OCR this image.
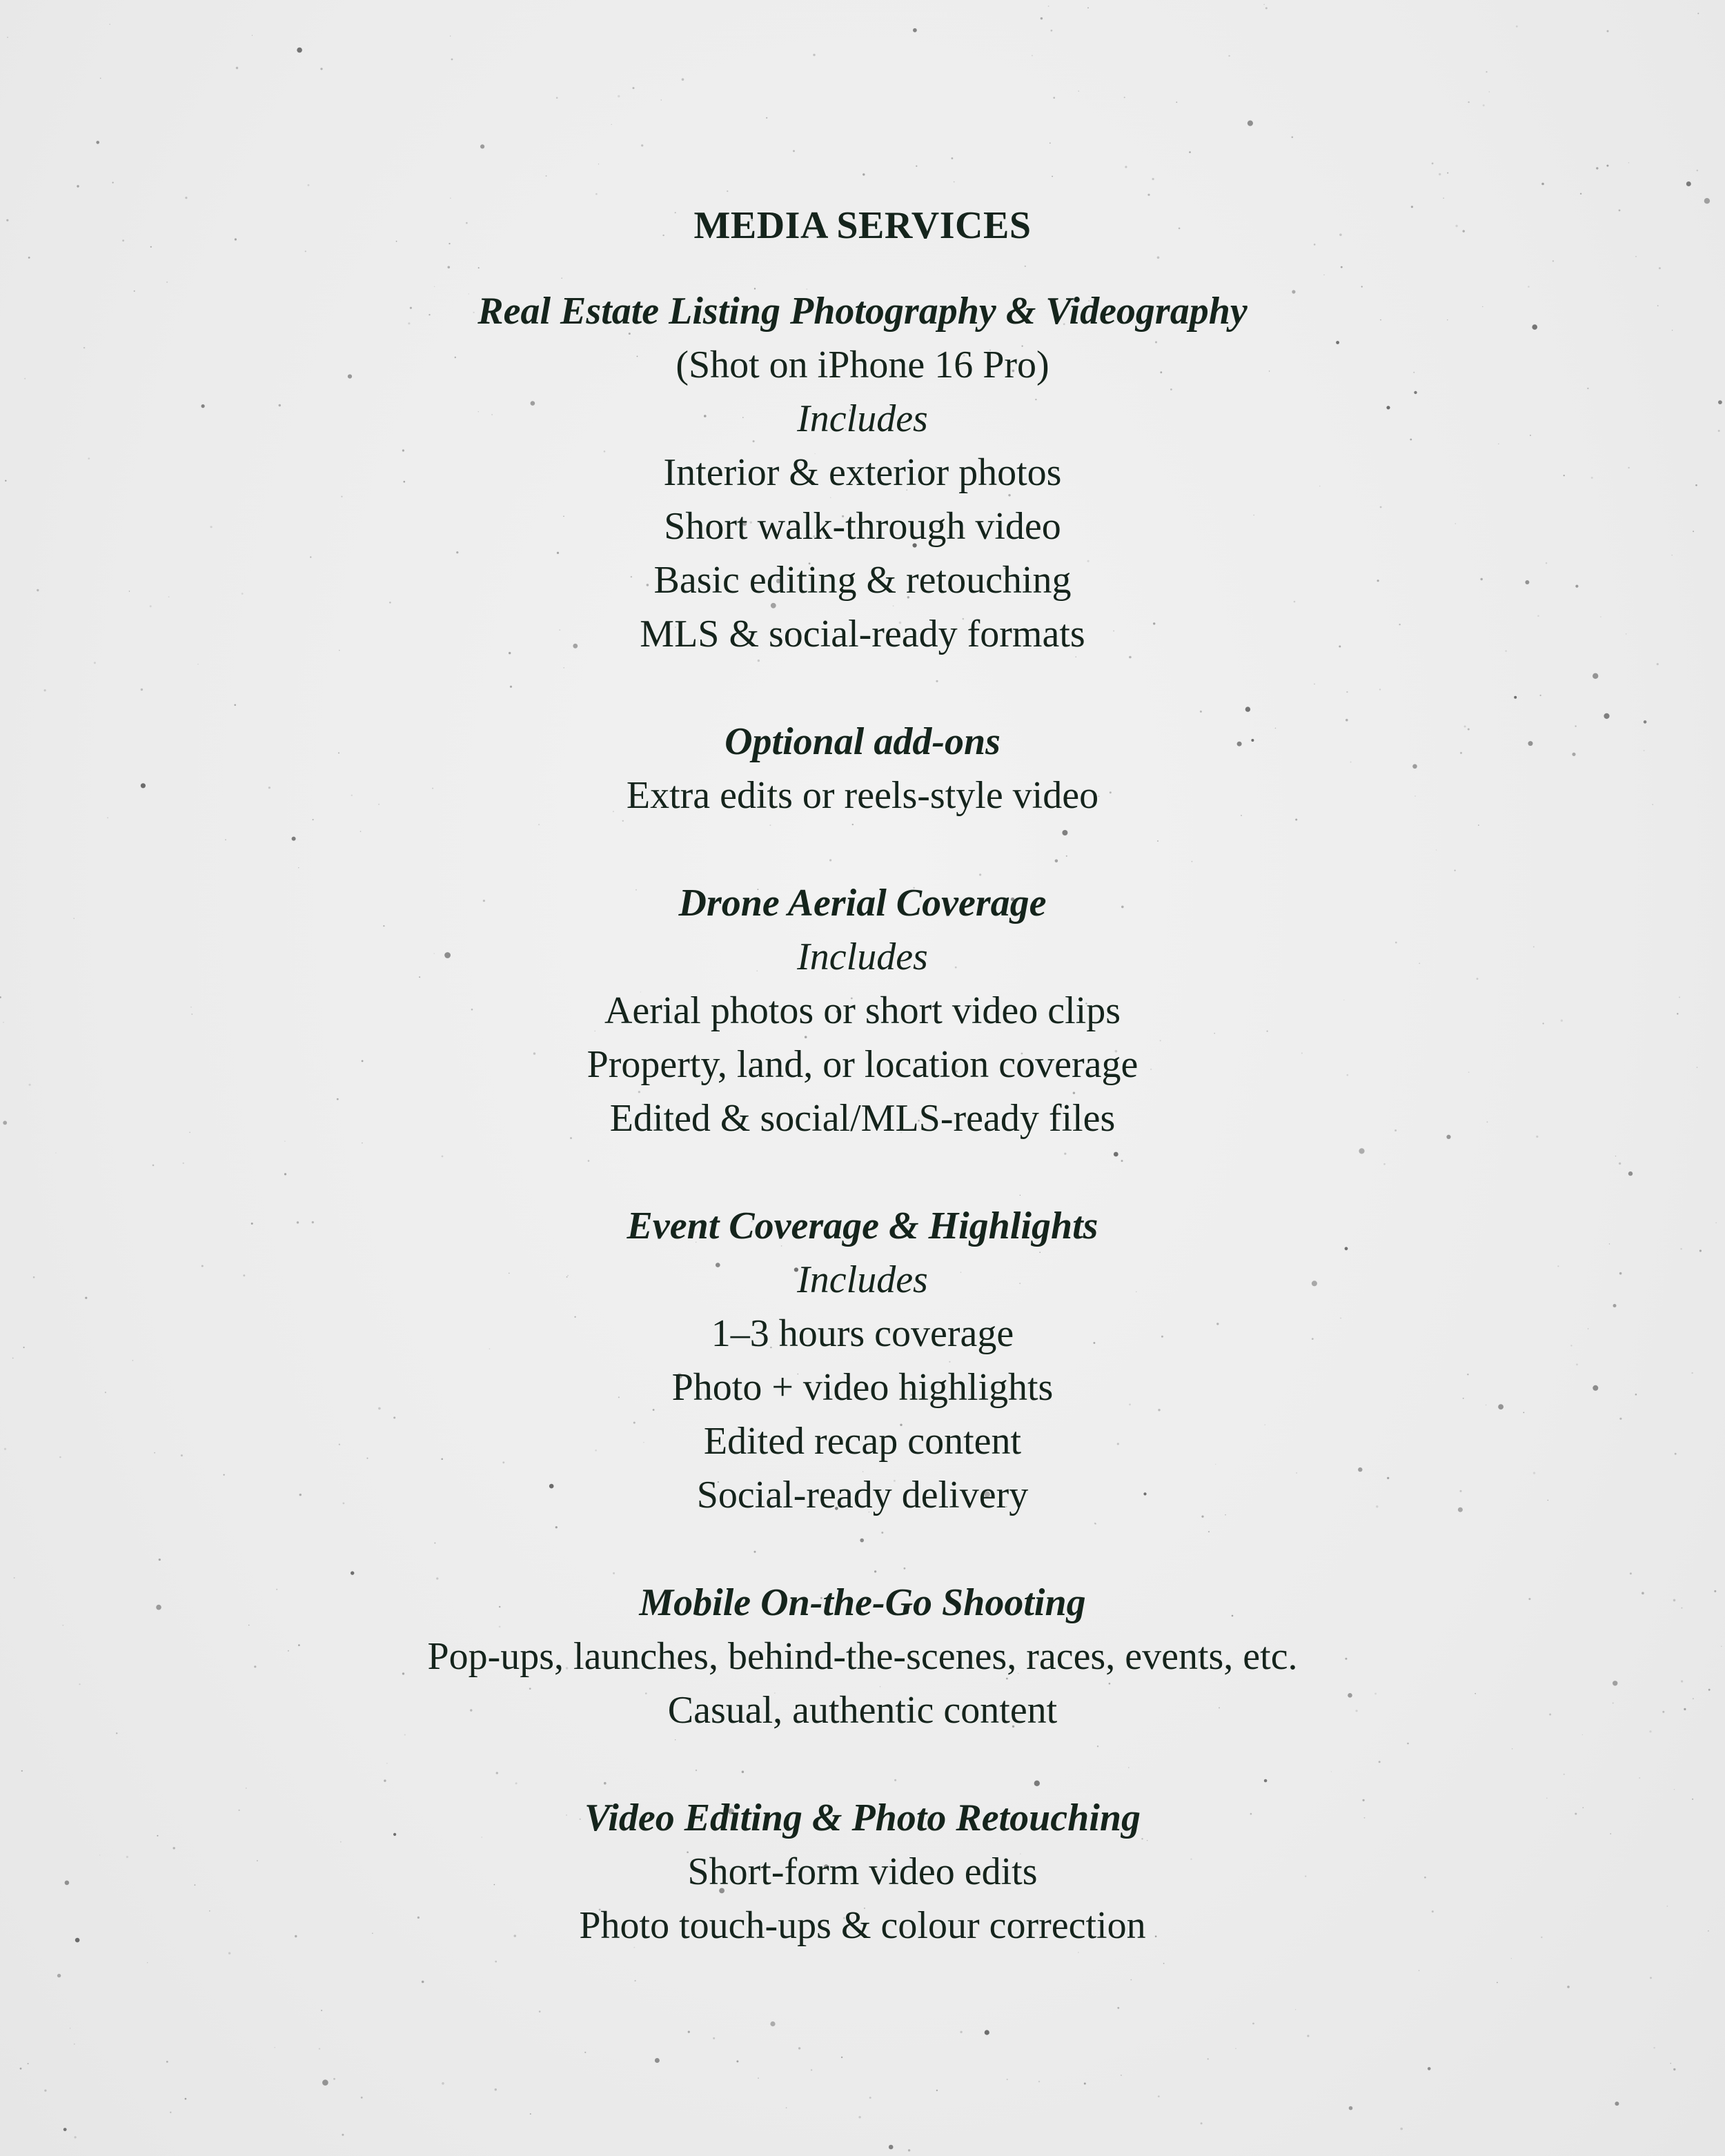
MEDIA SERVICES
Real Estate Listing Photography & Videography
(Shot on iPhone 16 Pro)
Includes
Interior & exterior photos
Short walk-through video
Basic editing & retouching
MLS & social-ready formats
Optional add-ons
Extra edits or reels-style video
Drone Aerial Coverage
Includes
Aerial photos or short video clips
Property, land, or location coverage
Edited & social/MLS-ready files
Event Coverage & Highlights
Includes
1–3 hours coverage
Photo + video highlights
Edited recap content
Social-ready delivery
Mobile On-the-Go Shooting
Pop-ups, launches, behind-the-scenes, races, events, etc.
Casual, authentic content
Video Editing & Photo Retouching
Short-form video edits
Photo touch-ups & colour correction
